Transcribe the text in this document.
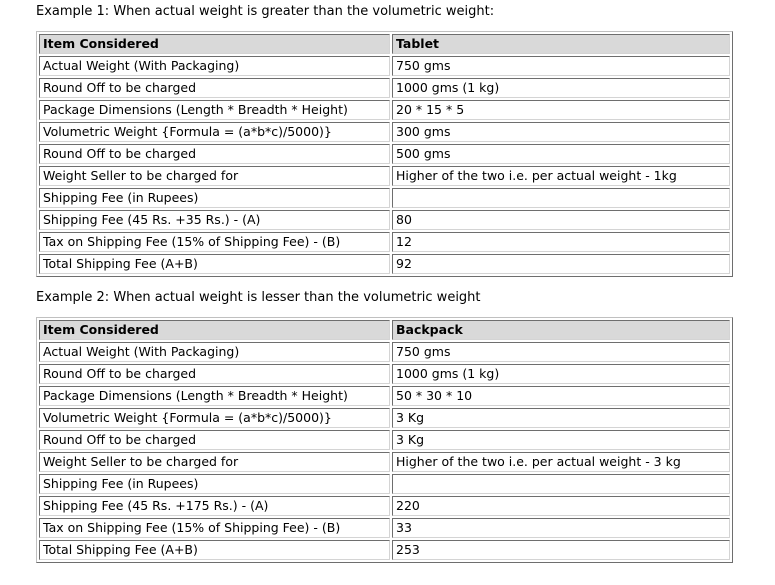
Example 1: When actual weight is greater than the volumetric weight:
Item Considered	Tablet
Actual Weight (With Packaging)	750 gms
Round Off to be charged	1000 gms (1 kg)
Package Dimensions (Length * Breadth * Height)	20 * 15 * 5
Volumetric Weight {Formula = (a*b*c)/5000)}	300 gms
Round Off to be charged	500 gms
Weight Seller to be charged for	Higher of the two i.e. per actual weight - 1kg
Shipping Fee (in Rupees)	
Shipping Fee (45 Rs. +35 Rs.) - (A)	80
Tax on Shipping Fee (15% of Shipping Fee) - (B)	12
Total Shipping Fee (A+B)	92
Example 2: When actual weight is lesser than the volumetric weight
Item Considered	Backpack
Actual Weight (With Packaging)	750 gms
Round Off to be charged	1000 gms (1 kg)
Package Dimensions (Length * Breadth * Height)	50 * 30 * 10
Volumetric Weight {Formula = (a*b*c)/5000)}	3 Kg
Round Off to be charged	3 Kg
Weight Seller to be charged for	Higher of the two i.e. per actual weight - 3 kg
Shipping Fee (in Rupees)	
Shipping Fee (45 Rs. +175 Rs.) - (A)	220
Tax on Shipping Fee (15% of Shipping Fee) - (B)	33
Total Shipping Fee (A+B)	253
